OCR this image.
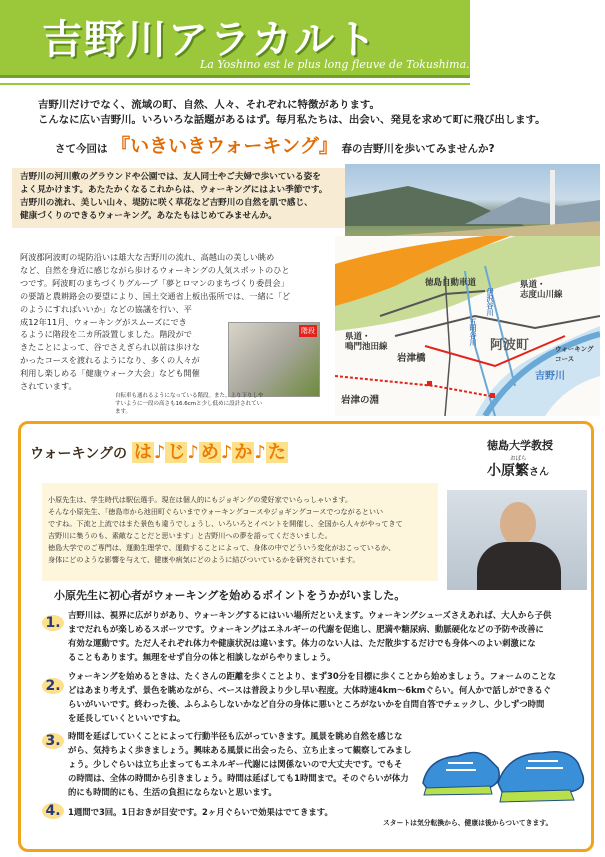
吉野川アラカルト
La Yoshino est le plus long fleuve de Tokushima.
吉野川だけでなく、流域の町、自然、人々、それぞれに特徴があります。
こんなに広い吉野川。いろいろな話題があるはず。毎月私たちは、出会い、発見を求めて町に飛び出します。
さて今回は 『いきいきウォーキング』 春の吉野川を歩いてみませんか?
吉野川の河川敷のグラウンドや公園では、友人同士やご夫婦で歩いている姿を
よく見かけます。あたたかくなるこれからは、ウォーキングにはよい季節です。
吉野川の流れ、美しい山々、堤防に咲く草花など吉野川の自然を肌で感じ、
健康づくりのできるウォーキング。あなたもはじめてみませんか。
阿波郡阿波町の堤防沿いは雄大な吉野川の流れ、高越山の美しい眺め
など、自然を身近に感じながら歩けるウォーキングの人気スポットのひと
つです。阿波町のまちづくりグループ「夢とロマンのまちづくり委員会」
の要請と農耕路会の要望により、国土交通省上板出張所では、一緒に「ど
のようにすればいいか」などの協議を行い、平
成12年11月、ウォーキングがスムーズにでき
るように階段を二カ所設置しました。階段がで
きたことによって、谷でさえぎられ以前は歩けな
かったコースを渡れるようになり、多くの人々が
利用し楽しめる「健康ウォーク大会」なども開催
されています。
階段
自転車も通れるようになっている階段。また、上り下りしや
すいように一段の高さも16.6cmと少し低めに設計されてい
ます。
徳島自動車道	県道・
志度山川線
県道・
鳴門池田線
五明谷川
伊沢谷川
阿波町
岩津橋
ウォーキング
コース
吉野川
岩津の淵
ウォーキングの は ♪ じ ♪ め ♪ か ♪ た	徳島大学教授
おばら
小原繁さん
小原先生は、学生時代は駅伝選手。現在は個人的にもジョギングの愛好家でいらっしゃいます。
そんな小原先生、「徳島市から池田町ぐらいまでウォーキングコースやジョギングコースでつながるといい
ですね。下流と上流ではまた景色も違うでしょうし、いろいろとイベントを開催し、全国から人々がやってきて
吉野川に集うのも、素敵なことだと思います」と吉野川への夢を語ってくださいました。
徳島大学でのご専門は、運動生理学で、運動することによって、身体の中でどういう変化がおこっているか、
身体にどのような影響を与えて、健康や病気にどのように結びついているかを研究されています。
小原先生に初心者がウォーキングを始めるポイントをうかがいました。
1. 吉野川は、視界に広がりがあり、ウォーキングするにはいい場所だといえます。ウォーキングシューズさえあれば、大人から子供
までだれもが楽しめるスポーツです。ウォーキングはエネルギーの代謝を促進し、肥満や糖尿病、動脈硬化などの予防や改善に
有効な運動です。ただ人それぞれ体力や健康状況は違います。体力のない人は、ただ散歩するだけでも身体へのよい刺激にな
ることもあります。無理をせず自分の体と相談しながらやりましょう。
2.
ウォーキングを始めるときは、たくさんの距離を歩くことより、まず30分を目標に歩くことから始めましょう。フォームのことな
どはあまり考えず、景色を眺めながら、ペースは普段より少し早い程度。大体時速4km〜6kmぐらい。何人かで話しができるぐ
らいがいいです。終わった後、ふらふらしないかなど自分の身体に悪いところがないかを自問自答でチェックし、少しずつ時間
を延長していくといいですね。
3. 時間を延ばしていくことによって行動半径も広がっていきます。風景を眺め自然を感じな
がら、気持ちよく歩きましょう。興味ある風景に出会ったら、立ち止まって観察してみまし
ょう。少しぐらいは立ち止まってもエネルギー代謝には関係ないので大丈夫です。でもそ
の時間は、全体の時間から引きましょう。時間は延ばしても1時間まで。そのぐらいが体力
的にも時間的にも、生活の負担にならないと思います。
4. 1週間で3回。1日おきが目安です。2ヶ月ぐらいで効果はでてきます。
スタートは気分転換から、健康は後からついてきます。
